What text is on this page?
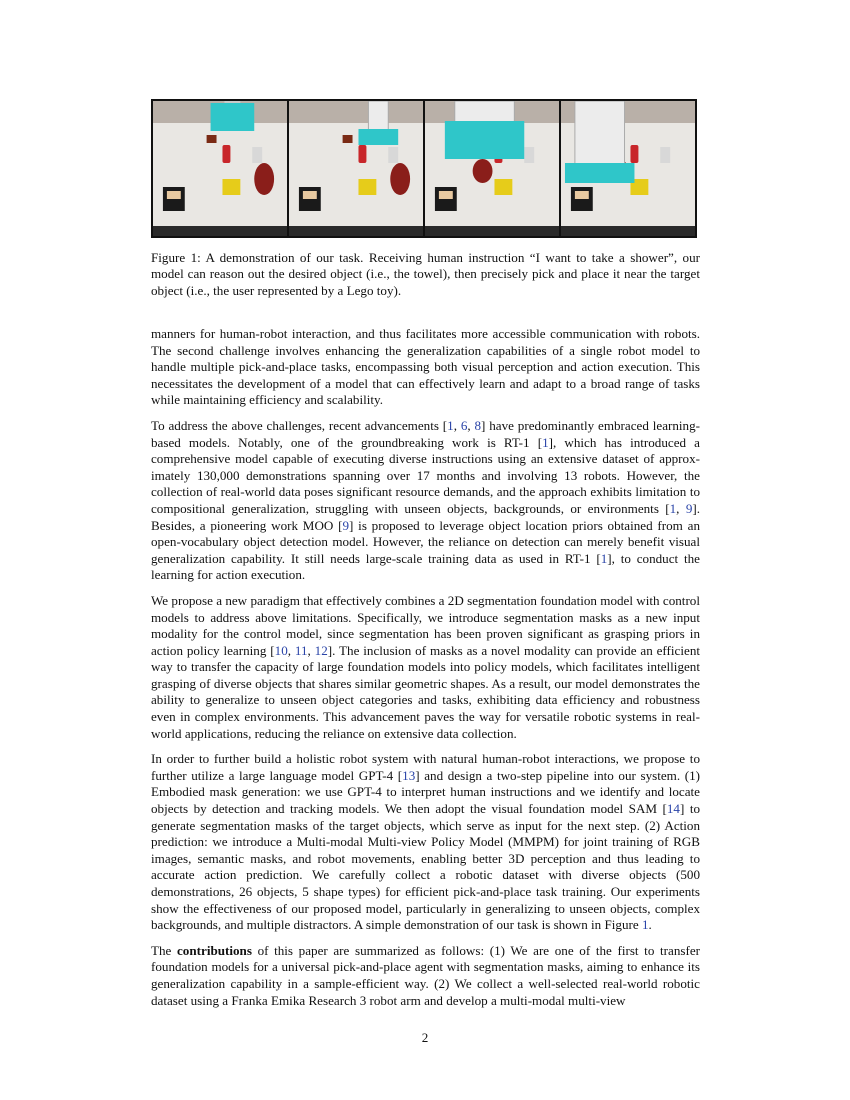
Figure 1: A demonstration of our task. Receiving human instruction “I want to take a shower”, our model can reason out the desired object (i.e., the towel), then precisely pick and place it near the target object (i.e., the user represented by a Lego toy).

manners for human-robot interaction, and thus facilitates more accessible communication with robots. The second challenge involves enhancing the generalization capabilities of a single robot model to handle multiple pick-and-place tasks, encompassing both visual perception and action execution. This necessitates the development of a model that can effectively learn and adapt to a broad range of tasks while maintaining efficiency and scalability.

To address the above challenges, recent advancements [1, 6, 8] have predominantly embraced learning-based models. Notably, one of the groundbreaking work is RT-1 [1], which has introduced a comprehensive model capable of executing diverse instructions using an extensive dataset of approximately 130,000 demonstrations spanning over 17 months and involving 13 robots. However, the collection of real-world data poses significant resource demands, and the approach exhibits limitation to compositional generalization, struggling with unseen objects, backgrounds, or environments [1, 9]. Besides, a pioneering work MOO [9] is proposed to leverage object location priors obtained from an open-vocabulary object detection model. However, the reliance on detection can merely benefit visual generalization capability. It still needs large-scale training data as used in RT-1 [1], to conduct the learning for action execution.

We propose a new paradigm that effectively combines a 2D segmentation foundation model with control models to address above limitations. Specifically, we introduce segmentation masks as a new input modality for the control model, since segmentation has been proven significant as grasping priors in action policy learning [10, 11, 12]. The inclusion of masks as a novel modality can provide an efficient way to transfer the capacity of large foundation models into policy models, which facilitates intelligent grasping of diverse objects that shares similar geometric shapes. As a result, our model demonstrates the ability to generalize to unseen object categories and tasks, exhibiting data efficiency and robustness even in complex environments. This advancement paves the way for versatile robotic systems in real-world applications, reducing the reliance on extensive data collection.

In order to further build a holistic robot system with natural human-robot interactions, we propose to further utilize a large language model GPT-4 [13] and design a two-step pipeline into our system. (1) Embodied mask generation: we use GPT-4 to interpret human instructions and we identify and locate objects by detection and tracking models. We then adopt the visual foundation model SAM [14] to generate segmentation masks of the target objects, which serve as input for the next step. (2) Action prediction: we introduce a Multi-modal Multi-view Policy Model (MMPM) for joint training of RGB images, semantic masks, and robot movements, enabling better 3D perception and thus leading to accurate action prediction. We carefully collect a robotic dataset with diverse objects (500 demonstrations, 26 objects, 5 shape types) for efficient pick-and-place task training. Our experiments show the effectiveness of our proposed model, particularly in generalizing to unseen objects, complex backgrounds, and multiple distractors. A simple demonstration of our task is shown in Figure 1.

The contributions of this paper are summarized as follows: (1) We are one of the first to transfer foundation models for a universal pick-and-place agent with segmentation masks, aiming to enhance its generalization capability in a sample-efficient way. (2) We collect a well-selected real-world robotic dataset using a Franka Emika Research 3 robot arm and develop a multi-modal multi-view

2
